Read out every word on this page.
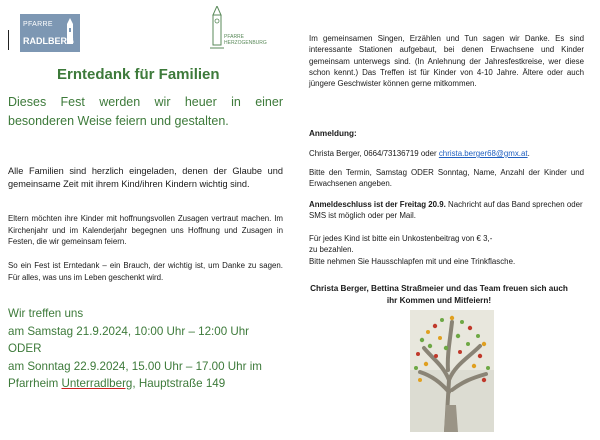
PFARRE
RADLBERG	PFARRE
HERZOGENBURG
Erntedank für Familien
Dieses Fest werden wir heuer in einer besonderen Weise feiern und gestalten.
Alle Familien sind herzlich eingeladen, denen der Glaube und gemeinsame Zeit mit ihrem Kind/ihren Kindern wichtig sind.
Eltern möchten ihre Kinder mit hoffnungsvollen Zusagen vertraut machen. Im Kirchenjahr und im Kalenderjahr begegnen uns Hoffnung und Zusagen in Festen, die wir gemeinsam feiern.
So ein Fest ist Erntedank – ein Brauch, der wichtig ist, um Danke zu sagen. Für alles, was uns im Leben geschenkt wird.
Wir treffen uns
am Samstag 21.9.2024, 10:00 Uhr – 12:00 Uhr
ODER
am Sonntag 22.9.2024, 15.00 Uhr – 17.00 Uhr im
Pfarrheim Unterradlberg, Hauptstraße 149
Im gemeinsamen Singen, Erzählen und Tun sagen wir Danke. Es sind interessante Stationen aufgebaut, bei denen Erwachsene und Kinder gemeinsam unterwegs sind. (In Anlehnung der Jahresfestkreise, wer diese schon kennt.) Das Treffen ist für Kinder von 4-10 Jahre. Ältere oder auch jüngere Geschwister können gerne mitkommen.
Anmeldung:
Christa Berger, 0664/73136719 oder christa.berger68@gmx.at.
Bitte den Termin, Samstag ODER Sonntag, Name, Anzahl der Kinder und Erwachsenen angeben.
Anmeldeschluss ist der Freitag 20.9. Nachricht auf das Band sprechen oder SMS ist möglich oder per Mail.
Für jedes Kind ist bitte ein Unkostenbeitrag von € 3,-
zu bezahlen.
Bitte nehmen Sie Hausschlapfen mit und eine Trinkflasche.
Christa Berger, Bettina Straßmeier und das Team freuen sich auch ihr Kommen und Mitfeiern!
